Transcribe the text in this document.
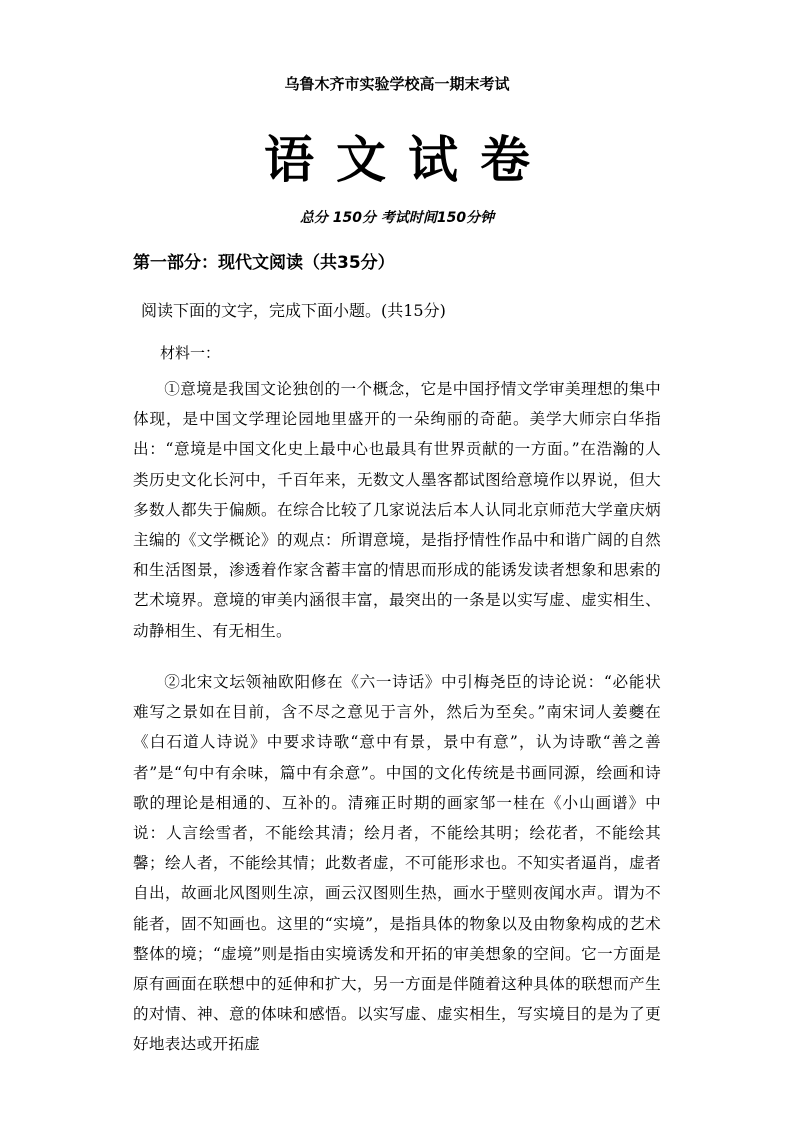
乌鲁木齐市实验学校高一期末考试
语文试卷
总分 150分 考试时间150分钟
第一部分：现代文阅读（共35分）
阅读下面的文字，完成下面小题。(共15分)
材料一：

①意境是我国文论独创的一个概念，它是中国抒情文学审美理想的集中体现，是中国文学理论园地里盛开的一朵绚丽的奇葩。美学大师宗白华指出：“意境是中国文化史上最中心也最具有世界贡献的一方面。”在浩瀚的人类历史文化长河中，千百年来，无数文人墨客都试图给意境作以界说，但大多数人都失于偏颇。在综合比较了几家说法后本人认同北京师范大学童庆炳主编的《文学概论》的观点：所谓意境，是指抒情性作品中和谐广阔的自然和生活图景，渗透着作家含蓄丰富的情思而形成的能诱发读者想象和思索的艺术境界。意境的审美内涵很丰富，最突出的一条是以实写虚、虚实相生、动静相生、有无相生。

②北宋文坛领袖欧阳修在《六一诗话》中引梅尧臣的诗论说：“必能状难写之景如在目前，含不尽之意见于言外，然后为至矣。”南宋词人姜夔在《白石道人诗说》中要求诗歌“意中有景，景中有意”，认为诗歌“善之善者”是“句中有余味，篇中有余意”。中国的文化传统是书画同源，绘画和诗歌的理论是相通的、互补的。清雍正时期的画家邹一桂在《小山画谱》中说：人言绘雪者，不能绘其清；绘月者，不能绘其明；绘花者，不能绘其馨；绘人者，不能绘其情；此数者虚，不可能形求也。不知实者逼肖，虚者自出，故画北风图则生凉，画云汉图则生热，画水于壁则夜闻水声。谓为不能者，固不知画也。这里的“实境”，是指具体的物象以及由物象构成的艺术整体的境；“虚境”则是指由实境诱发和开拓的审美想象的空间。它一方面是原有画面在联想中的延伸和扩大，另一方面是伴随着这种具体的联想而产生的对情、神、意的体味和感悟。以实写虚、虚实相生，写实境目的是为了更好地表达或开拓虚
